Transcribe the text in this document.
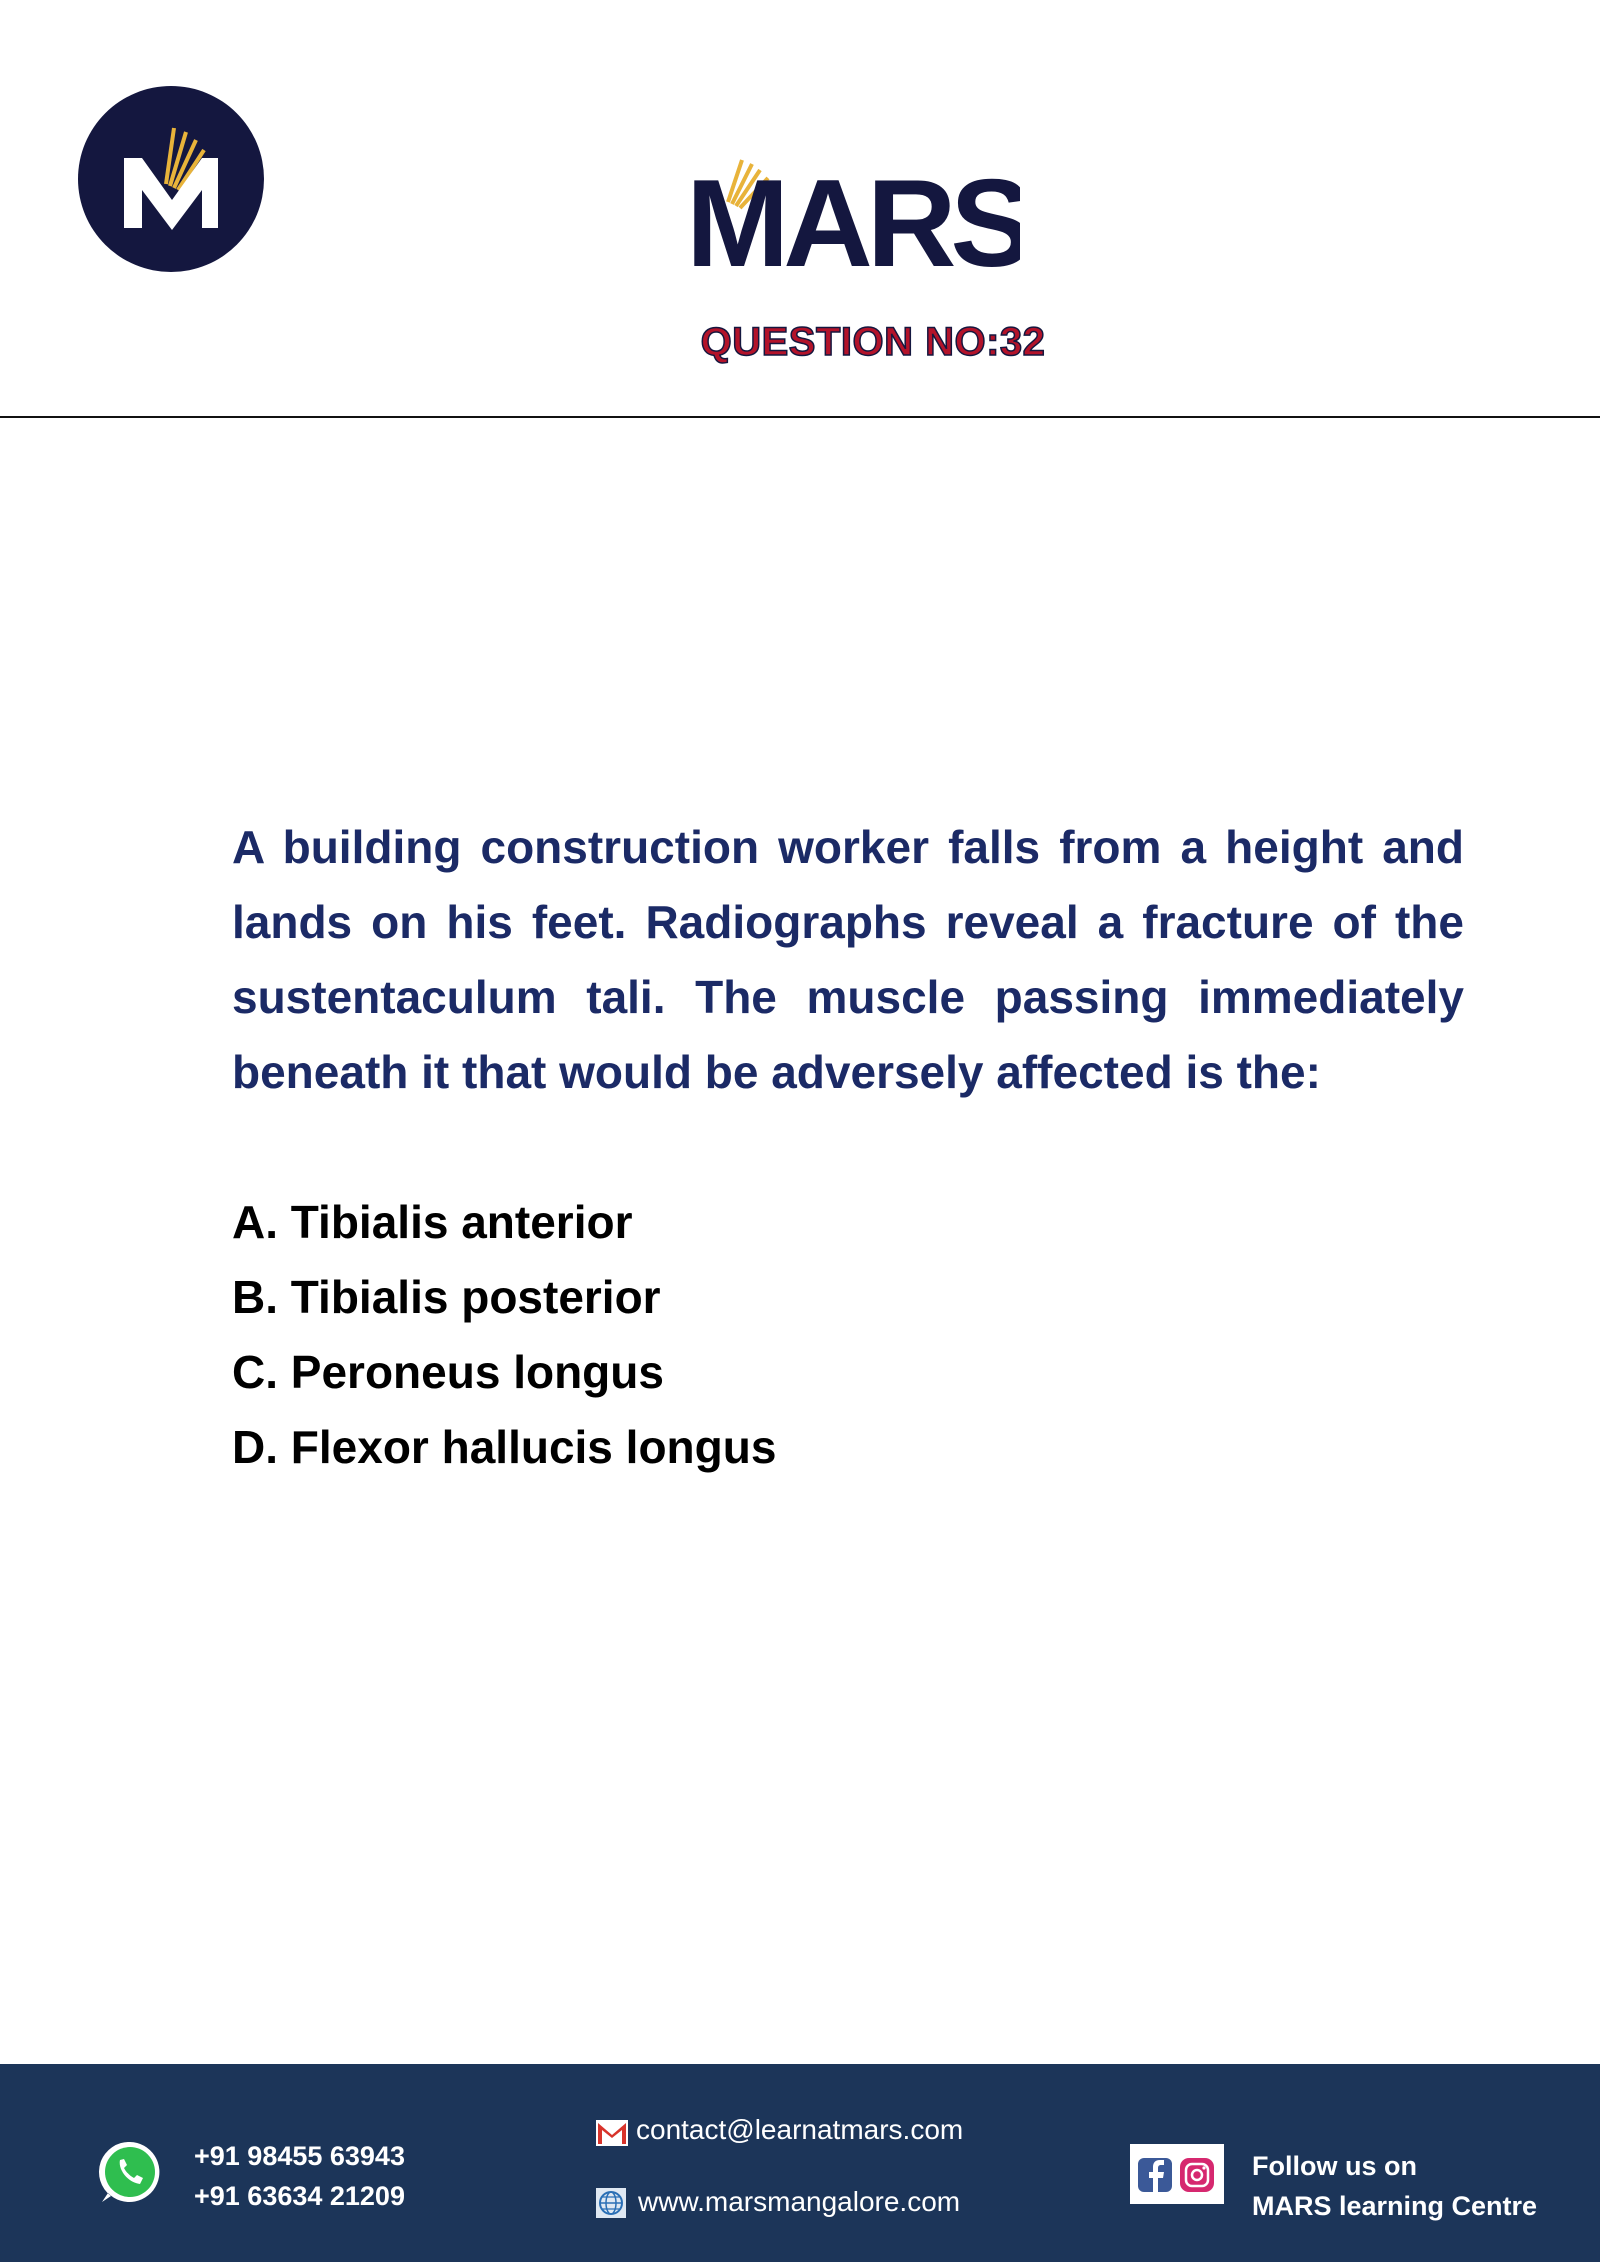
MARS
QUESTION NO:32
A building construction worker falls from a height and lands on his feet. Radiographs reveal a fracture of the sustentaculum tali. The muscle passing immediately beneath it that would be adversely affected is the:
A. Tibialis anterior
B. Tibialis posterior
C. Peroneus longus
D. Flexor hallucis longus
+91 98455 63943
+91 63634 21209
contact@learnatmars.com
www.marsmangalore.com
Follow us on
MARS learning Centre
